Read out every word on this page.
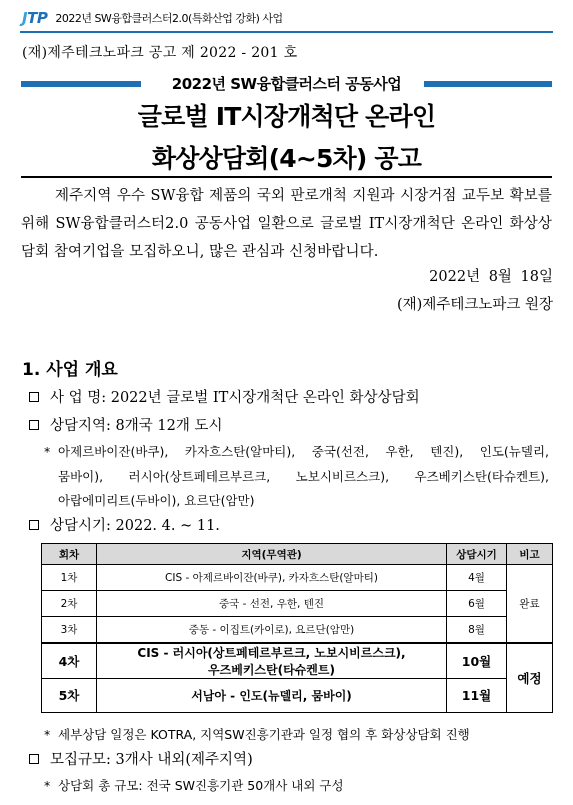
JTP 2022년 SW융합클러스터2.0(특화산업 강화) 사업
(재)제주테크노파크 공고 제 2022 - 201 호
2022년 SW융합클러스터 공동사업
글로벌 IT시장개척단 온라인
화상상담회(4~5차) 공고
제주지역 우수 SW융합 제품의 국외 판로개척 지원과 시장거점 교두보 확보를 위해 SW융합클러스터2.0 공동사업 일환으로 글로벌 IT시장개척단 온라인 화상상담회 참여기업을 모집하오니, 많은 관심과 신청바랍니다.
2022년 8월 18일
(재)제주테크노파크 원장
1. 사업 개요
사 업 명: 2022년 글로벌 IT시장개척단 온라인 화상상담회
상담지역: 8개국 12개 도시
* 아제르바이잔(바쿠), 카자흐스탄(알마티), 중국(선전, 우한, 텐진), 인도(뉴델리,
뭄바이), 러시아(상트페테르부르크, 노보시비르스크), 우즈베키스탄(타슈켄트),
아랍에미리트(두바이), 요르단(암만)
상담시기: 2022. 4. ~ 11.
회차	지역(무역관)	상담시기	비고
1차	CIS - 아제르바이잔(바쿠), 카자흐스탄(알마티)	4월	완료
2차	중국 - 선전, 우한, 텐진	6월	
3차	중동 - 이집트(카이로), 요르단(암만)	8월	
4차	CIS - 러시아(상트페테르부르크, 노보시비르스크),
우즈베키스탄(타슈켄트)	10월	예정
5차	서남아 - 인도(뉴델리, 뭄바이)	11월	
* 세부상담 일정은 KOTRA, 지역SW진흥기관과 일정 협의 후 화상상담회 진행
모집규모: 3개사 내외(제주지역)
* 상담회 총 규모: 전국 SW진흥기관 50개사 내외 구성
